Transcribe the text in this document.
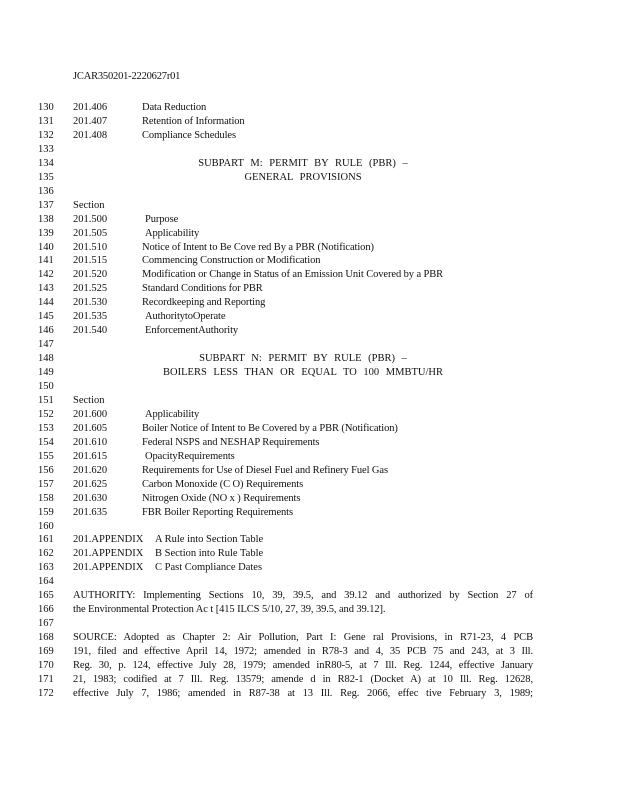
JCAR350201-2220627r01
130	201.406	Data Reduction
131	201.407	Retention of Information
132	201.408	Compliance Schedules
133
134	SUBPART M: PERMIT BY RULE (PBR) –
135	GENERAL PROVISIONS
136
137	Section
138	201.500	Purpose
139	201.505	Applicability
140	201.510	Notice of Intent to Be Cove red By a PBR (Notification)
141	201.515	Commencing Construction or Modification
142	201.520	Modification or Change in Status of an Emission Unit Covered by a PBR
143	201.525	Standard Conditions for PBR
144	201.530	Recordkeeping and Reporting
145	201.535	AuthoritytoOperate
146	201.540	EnforcementAuthority
147
148	SUBPART N: PERMIT BY RULE (PBR) –
149	BOILERS LESS THAN OR EQUAL TO 100 MMBTU/HR
150
151	Section
152	201.600	Applicability
153	201.605	Boiler Notice of Intent to Be Covered by a PBR (Notification)
154	201.610	Federal NSPS and NESHAP Requirements
155	201.615	OpacityRequirements
156	201.620	Requirements for Use of Diesel Fuel and Refinery Fuel Gas
157	201.625	Carbon Monoxide (C O) Requirements
158	201.630	Nitrogen Oxide (NO x ) Requirements
159	201.635	FBR Boiler Reporting Requirements
160
161	201.APPENDIX A Rule into Section Table
162	201.APPENDIX B Section into Rule Table
163	201.APPENDIX C Past Compliance Dates
164
165	AUTHORITY: Implementing Sections 10, 39, 39.5, and 39.12 and authorized by Section 27 of
166	the Environmental Protection Ac t [415 ILCS 5/10, 27, 39, 39.5, and 39.12].
167
168	SOURCE: Adopted as Chapter 2: Air Pollution, Part I: Gene ral Provisions, in R71-23, 4 PCB
169	191, filed and effective April 14, 1972; amended in R78-3 and 4, 35 PCB 75 and 243, at 3 Ill.
170	Reg. 30, p. 124, effective July 28, 1979; amended inR80-5, at 7 Ill. Reg. 1244, effective January
171	21, 1983; codified at 7 Ill. Reg. 13579; amende d in R82-1 (Docket A) at 10 Ill. Reg. 12628,
172	effective July 7, 1986; amended in R87-38 at 13 Ill. Reg. 2066, effec tive February 3, 1989;
